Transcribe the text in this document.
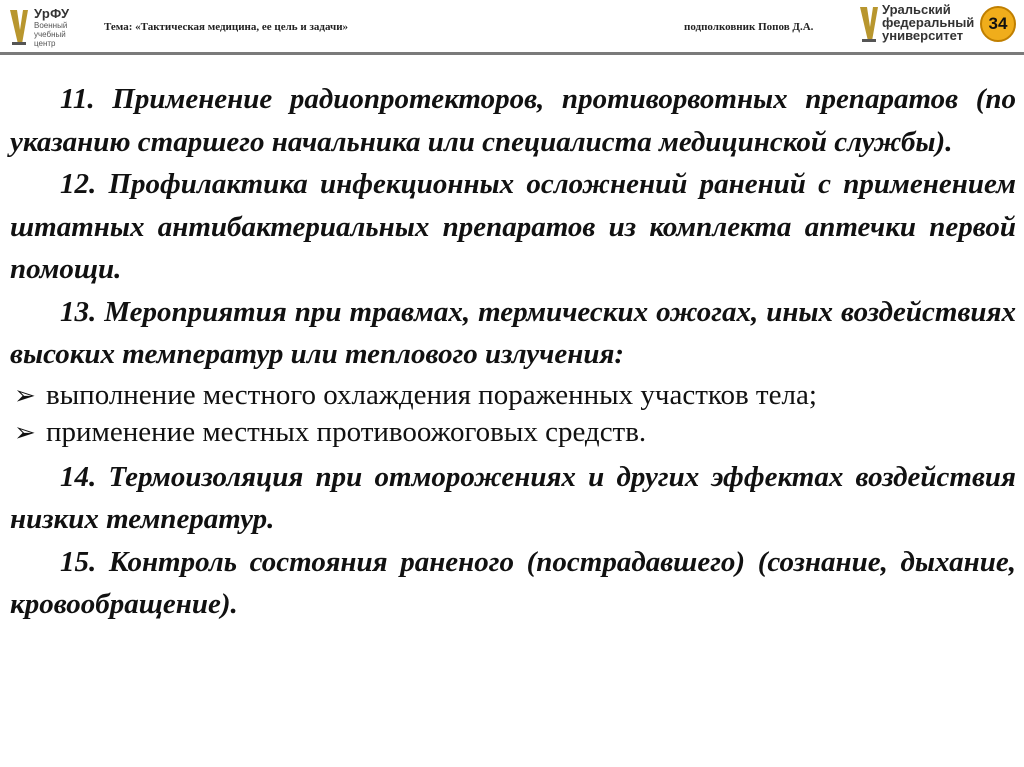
УрФУ
Военный учебный центр
Тема: «Тактическая медицина, ее цель и задачи»	подполковник Попов Д.А.
Уральский
федеральный
университет
34

11. Применение радиопротекторов, противорвотных препаратов (по указанию старшего начальника или специалиста медицинской службы).

12. Профилактика инфекционных осложнений ранений с применением штатных антибактериальных препаратов из комплекта аптечки первой помощи.

13. Мероприятия при травмах, термических ожогах, иных воздействиях высоких температур или теплового излучения:

➢ выполнение местного охлаждения пораженных участков тела;
➢ применение местных противоожоговых средств.

14. Термоизоляция при отморожениях и других эффектах воздействия низких температур.

15. Контроль состояния раненого (пострадавшего) (сознание, дыхание, кровообращение).
